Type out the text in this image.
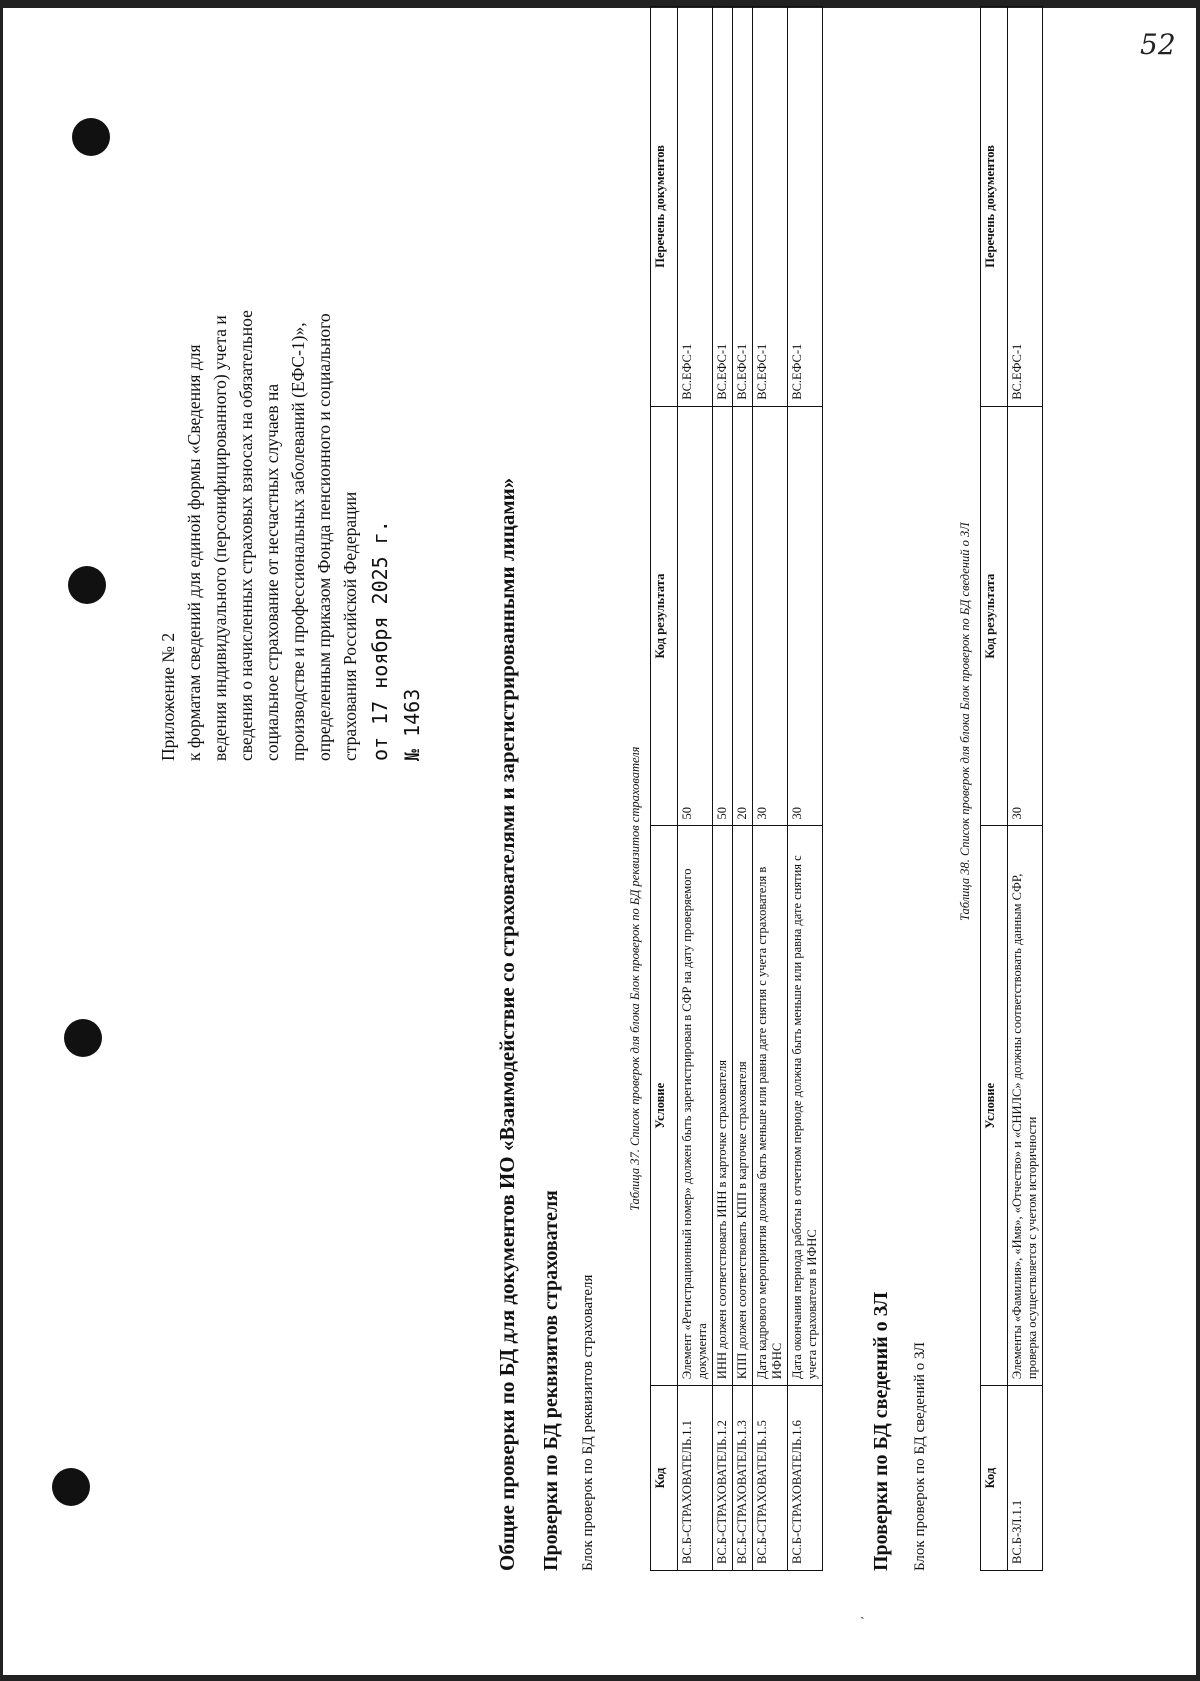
52
ˏ
Приложение № 2 к форматам сведений для единой формы «Сведения для ведения индивидуального (персонифицированного) учета и сведения о начисленных страховых взносах на обязательное социальное страхование от несчастных случаев на производстве и профессиональных заболеваний (ЕФС-1)», определенным приказом Фонда пенсионного и социального страхования Российской Федерации от 17 ноября 2025 г. № 1463	Общие проверки по БД для документов ИО «Взаимодействие со страхователями и зарегистрированными лицами» Проверки по БД реквизитов страхователя Блок проверок по БД реквизитов страхователя
Таблица 37. Список проверок для блока Блок проверок по БД реквизитов страхователя
Код	Условие	Код результата	Перечень документов
ВС.Б-СТРАХОВАТЕЛЬ.1.1	Элемент «Регистрационный номер» должен быть зарегистрирован в СФР на дату проверяемого документа	50	ВС.ЕФС-1
ВС.Б-СТРАХОВАТЕЛЬ.1.2	ИНН должен соответствовать ИНН в карточке страхователя	50	ВС.ЕФС-1
ВС.Б-СТРАХОВАТЕЛЬ.1.3	КПП должен соответствовать КПП в карточке страхователя	20	ВС.ЕФС-1
ВС.Б-СТРАХОВАТЕЛЬ.1.5	Дата кадрового мероприятия должна быть меньше или равна дате снятия с учета страхователя в ИФНС	30	ВС.ЕФС-1
ВС.Б-СТРАХОВАТЕЛЬ.1.6	Дата окончания периода работы в отчетном периоде должна быть меньше или равна дате снятия с учета страхователя в ИФНС	30	ВС.ЕФС-1
Проверки по БД сведений о ЗЛ Блок проверок по БД сведений о ЗЛ
Таблица 38. Список проверок для блока Блок проверок по БД сведений о ЗЛ
Код	Условие	Код результата	Перечень документов
ВС.Б-ЗЛ.1.1	Элементы «Фамилия», «Имя», «Отчество» и «СНИЛС» должны соответствовать данным СФР, проверка осуществляется с учетом историчности	30	ВС.ЕФС-1
